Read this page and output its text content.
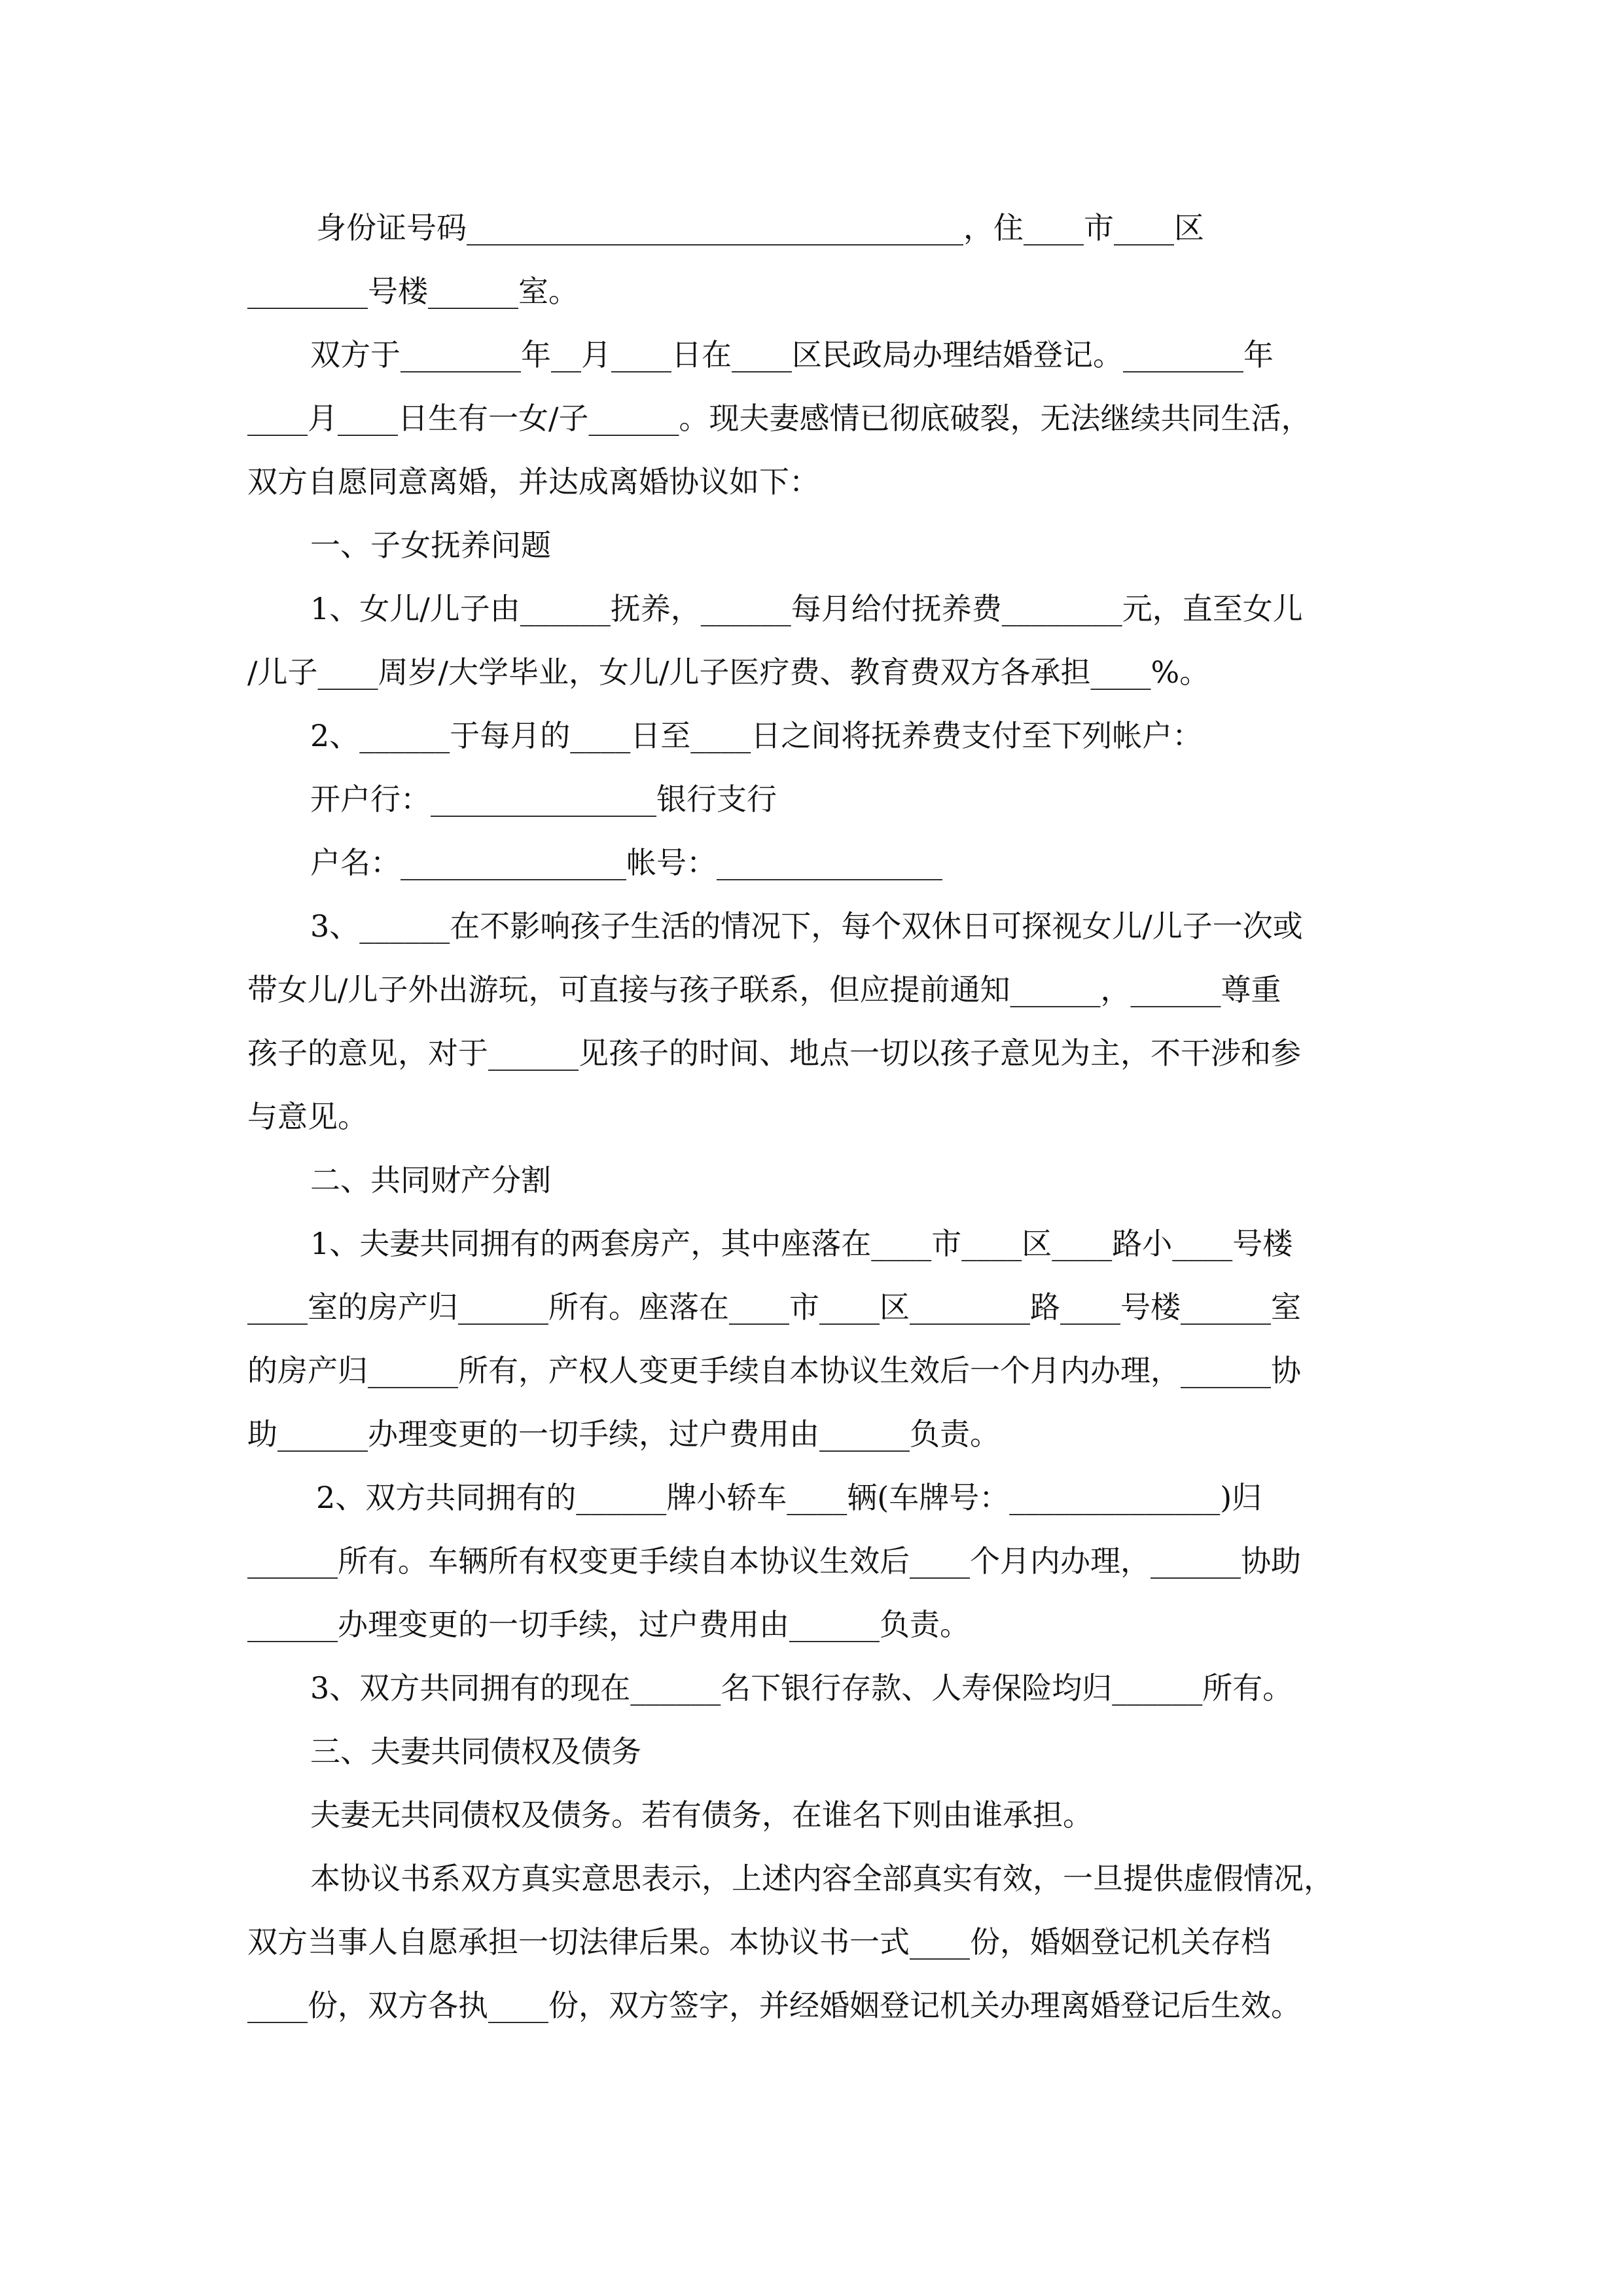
身份证号码_________________________________，住____市____区
________号楼______室。
双方于________年__月____日在____区民政局办理结婚登记。________年
____月____日生有一女/子______。现夫妻感情已彻底破裂，无法继续共同生活，
双方自愿同意离婚，并达成离婚协议如下：
一、子女抚养问题
1、女儿/儿子由______抚养，______每月给付抚养费________元，直至女儿
/儿子____周岁/大学毕业，女儿/儿子医疗费、教育费双方各承担____%。
2、______于每月的____日至____日之间将抚养费支付至下列帐户：
开户行：_______________银行支行
户名：_______________帐号：_______________
3、______在不影响孩子生活的情况下，每个双休日可探视女儿/儿子一次或
带女儿/儿子外出游玩，可直接与孩子联系，但应提前通知______，______尊重
孩子的意见，对于______见孩子的时间、地点一切以孩子意见为主，不干涉和参
与意见。
二、共同财产分割
1、夫妻共同拥有的两套房产，其中座落在____市____区____路小____号楼
____室的房产归______所有。座落在____市____区________路____号楼______室
的房产归______所有，产权人变更手续自本协议生效后一个月内办理，______协
助______办理变更的一切手续，过户费用由______负责。
2、双方共同拥有的______牌小轿车____辆(车牌号：______________)归
______所有。车辆所有权变更手续自本协议生效后____个月内办理，______协助
______办理变更的一切手续，过户费用由______负责。
3、双方共同拥有的现在______名下银行存款、人寿保险均归______所有。
三、夫妻共同债权及债务
夫妻无共同债权及债务。若有债务，在谁名下则由谁承担。
本协议书系双方真实意思表示，上述内容全部真实有效，一旦提供虚假情况，
双方当事人自愿承担一切法律后果。本协议书一式____份，婚姻登记机关存档
____份，双方各执____份，双方签字，并经婚姻登记机关办理离婚登记后生效。
